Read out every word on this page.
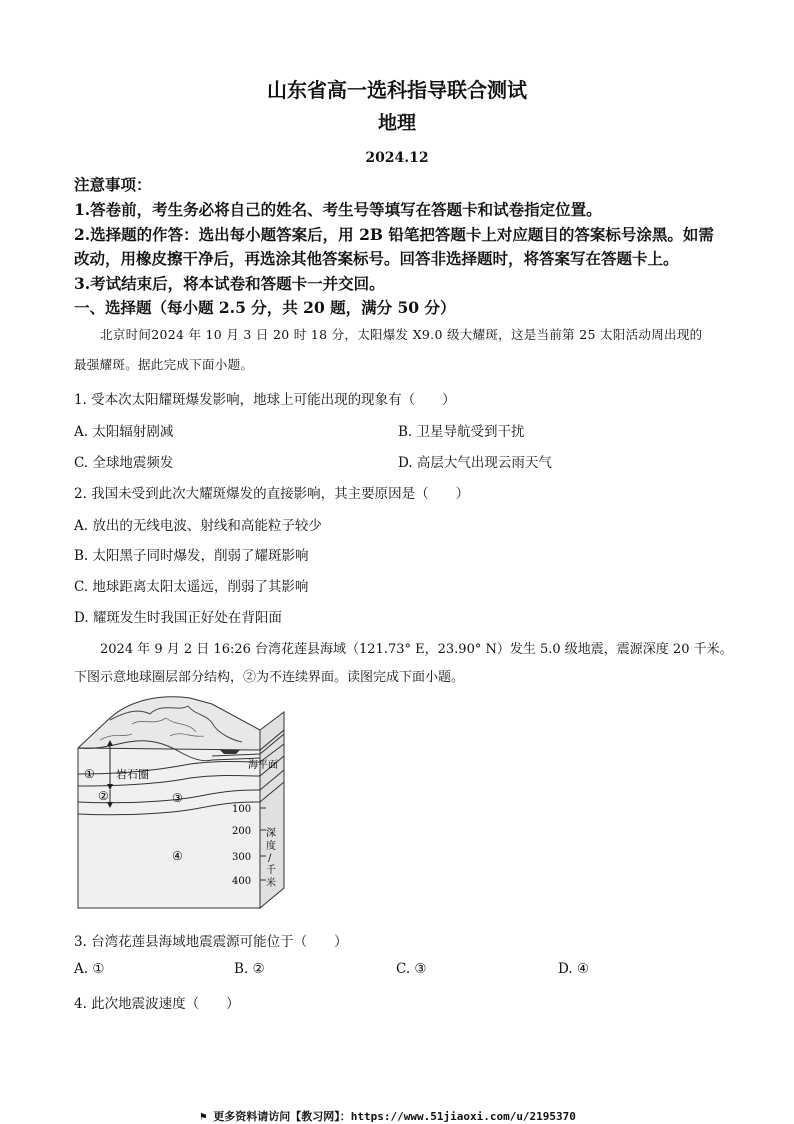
山东省高一选科指导联合测试
地理
2024.12
注意事项：
1.答卷前，考生务必将自己的姓名、考生号等填写在答题卡和试卷指定位置。
2.选择题的作答：选出每小题答案后，用 2B 铅笔把答题卡上对应题目的答案标号涂黑。如需
改动，用橡皮擦干净后，再选涂其他答案标号。回答非选择题时，将答案写在答题卡上。
3.考试结束后，将本试卷和答题卡一并交回。
一、选择题（每小题 2.5 分，共 20 题，满分 50 分）
北京时间2024 年 10 月 3 日 20 时 18 分，太阳爆发 X9.0 级大耀斑，这是当前第 25 太阳活动周出现的
最强耀斑。据此完成下面小题。
1. 受本次太阳耀斑爆发影响，地球上可能出现的现象有（　　）
A. 太阳辐射剧减	B. 卫星导航受到干扰
C. 全球地震频发	D. 高层大气出现云雨天气
2. 我国未受到此次大耀斑爆发的直接影响，其主要原因是（　　）
A. 放出的无线电波、射线和高能粒子较少
B. 太阳黑子同时爆发，削弱了耀斑影响
C. 地球距离太阳太遥远，削弱了其影响
D. 耀斑发生时我国正好处在背阳面
2024 年 9 月 2 日 16:26 台湾花莲县海域（121.73° E，23.90° N）发生 5.0 级地震，震源深度 20 千米。
下图示意地球圈层部分结构，②为不连续界面。读图完成下面小题。
① 岩石圈
②	③
④
海平面
100
200
300
400
深
度
/
千
米
3. 台湾花莲县海域地震震源可能位于（　　）
A. ①	B. ②	C. ③	D. ④
4. 此次地震波速度（　　）
⚑ 更多资料请访问【教习网】：https://www.51jiaoxi.com/u/2195370
